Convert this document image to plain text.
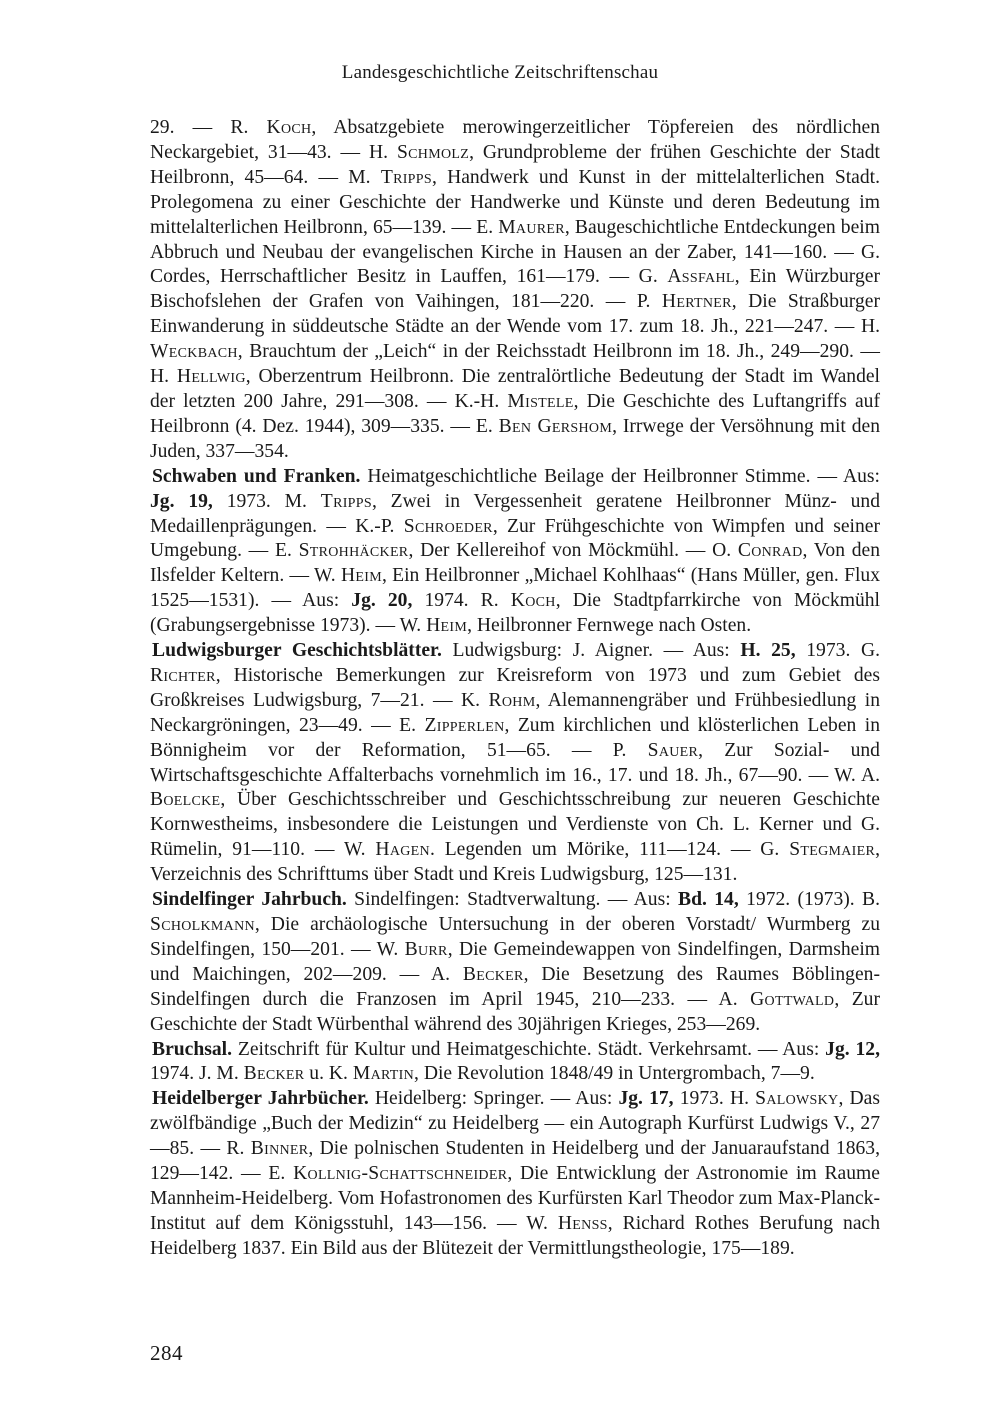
Landesgeschichtliche Zeitschriftenschau

29. — R. Koch, Absatzgebiete merowingerzeitlicher Töpfereien des nördlichen Neckargebiet, 31—43. — H. Schmolz, Grundprobleme der frühen Geschichte der Stadt Heilbronn, 45—64. — M. Tripps, Handwerk und Kunst in der mittelalterlichen Stadt. Prolegomena zu einer Geschichte der Handwerke und Künste und deren Bedeutung im mittelalterlichen Heilbronn, 65—139. — E. Maurer, Baugeschichtliche Entdeckungen beim Abbruch und Neubau der evangelischen Kirche in Hausen an der Zaber, 141—160. — G. Cordes, Herrschaftlicher Besitz in Lauffen, 161—179. — G. Assfahl, Ein Würzburger Bischofslehen der Grafen von Vaihingen, 181—220. — P. Hertner, Die Straßburger Einwanderung in süddeutsche Städte an der Wende vom 17. zum 18. Jh., 221—247. — H. Weckbach, Brauchtum der „Leich“ in der Reichsstadt Heilbronn im 18. Jh., 249—290. — H. Hellwig, Oberzentrum Heilbronn. Die zentralörtliche Bedeutung der Stadt im Wandel der letzten 200 Jahre, 291—308. — K.-H. Mistele, Die Geschichte des Luftangriffs auf Heilbronn (4. Dez. 1944), 309—335. — E. Ben Gershom, Irrwege der Versöhnung mit den Juden, 337—354.

Schwaben und Franken. Heimatgeschichtliche Beilage der Heilbronner Stimme. — Aus: Jg. 19, 1973. M. Tripps, Zwei in Vergessenheit geratene Heilbronner Münz- und Medaillenprägungen. — K.-P. Schroeder, Zur Frühgeschichte von Wimpfen und seiner Umgebung. — E. Strohhäcker, Der Kellereihof von Möckmühl. — O. Conrad, Von den Ilsfelder Keltern. — W. Heim, Ein Heilbronner „Michael Kohlhaas“ (Hans Müller, gen. Flux 1525—1531). — Aus: Jg. 20, 1974. R. Koch, Die Stadtpfarrkirche von Möckmühl (Grabungsergebnisse 1973). — W. Heim, Heilbronner Fernwege nach Osten.

Ludwigsburger Geschichtsblätter. Ludwigsburg: J. Aigner. — Aus: H. 25, 1973. G. Richter, Historische Bemerkungen zur Kreisreform von 1973 und zum Gebiet des Großkreises Ludwigsburg, 7—21. — K. Rohm, Alemannengräber und Frühbesiedlung in Neckargröningen, 23—49. — E. Zipperlen, Zum kirchlichen und klösterlichen Leben in Bönnigheim vor der Reformation, 51—65. — P. Sauer, Zur Sozial- und Wirtschaftsgeschichte Affalterbachs vornehmlich im 16., 17. und 18. Jh., 67—90. — W. A. Boelcke, Über Geschichtsschreiber und Geschichtsschreibung zur neueren Geschichte Kornwestheims, insbesondere die Leistungen und Verdienste von Ch. L. Kerner und G. Rümelin, 91—110. — W. Hagen. Legenden um Mörike, 111—124. — G. Stegmaier, Verzeichnis des Schrifttums über Stadt und Kreis Ludwigsburg, 125—131.

Sindelfinger Jahrbuch. Sindelfingen: Stadtverwaltung. — Aus: Bd. 14, 1972. (1973). B. Scholkmann, Die archäologische Untersuchung in der oberen Vorstadt/ Wurmberg zu Sindelfingen, 150—201. — W. Burr, Die Gemeindewappen von Sindelfingen, Darmsheim und Maichingen, 202—209. — A. Becker, Die Besetzung des Raumes Böblingen-Sindelfingen durch die Franzosen im April 1945, 210—233. — A. Gottwald, Zur Geschichte der Stadt Würbenthal während des 30jährigen Krieges, 253—269.

Bruchsal. Zeitschrift für Kultur und Heimatgeschichte. Städt. Verkehrsamt. — Aus: Jg. 12, 1974. J. M. Becker u. K. Martin, Die Revolution 1848/49 in Untergrombach, 7—9.

Heidelberger Jahrbücher. Heidelberg: Springer. — Aus: Jg. 17, 1973. H. Salowsky, Das zwölfbändige „Buch der Medizin“ zu Heidelberg — ein Autograph Kurfürst Ludwigs V., 27—85. — R. Binner, Die polnischen Studenten in Heidelberg und der Januaraufstand 1863, 129—142. — E. Kollnig-Schattschneider, Die Entwicklung der Astronomie im Raume Mannheim-Heidelberg. Vom Hofastronomen des Kurfürsten Karl Theodor zum Max-Planck-Institut auf dem Königsstuhl, 143—156. — W. Henss, Richard Rothes Berufung nach Heidelberg 1837. Ein Bild aus der Blütezeit der Vermittlungstheologie, 175—189.

284
